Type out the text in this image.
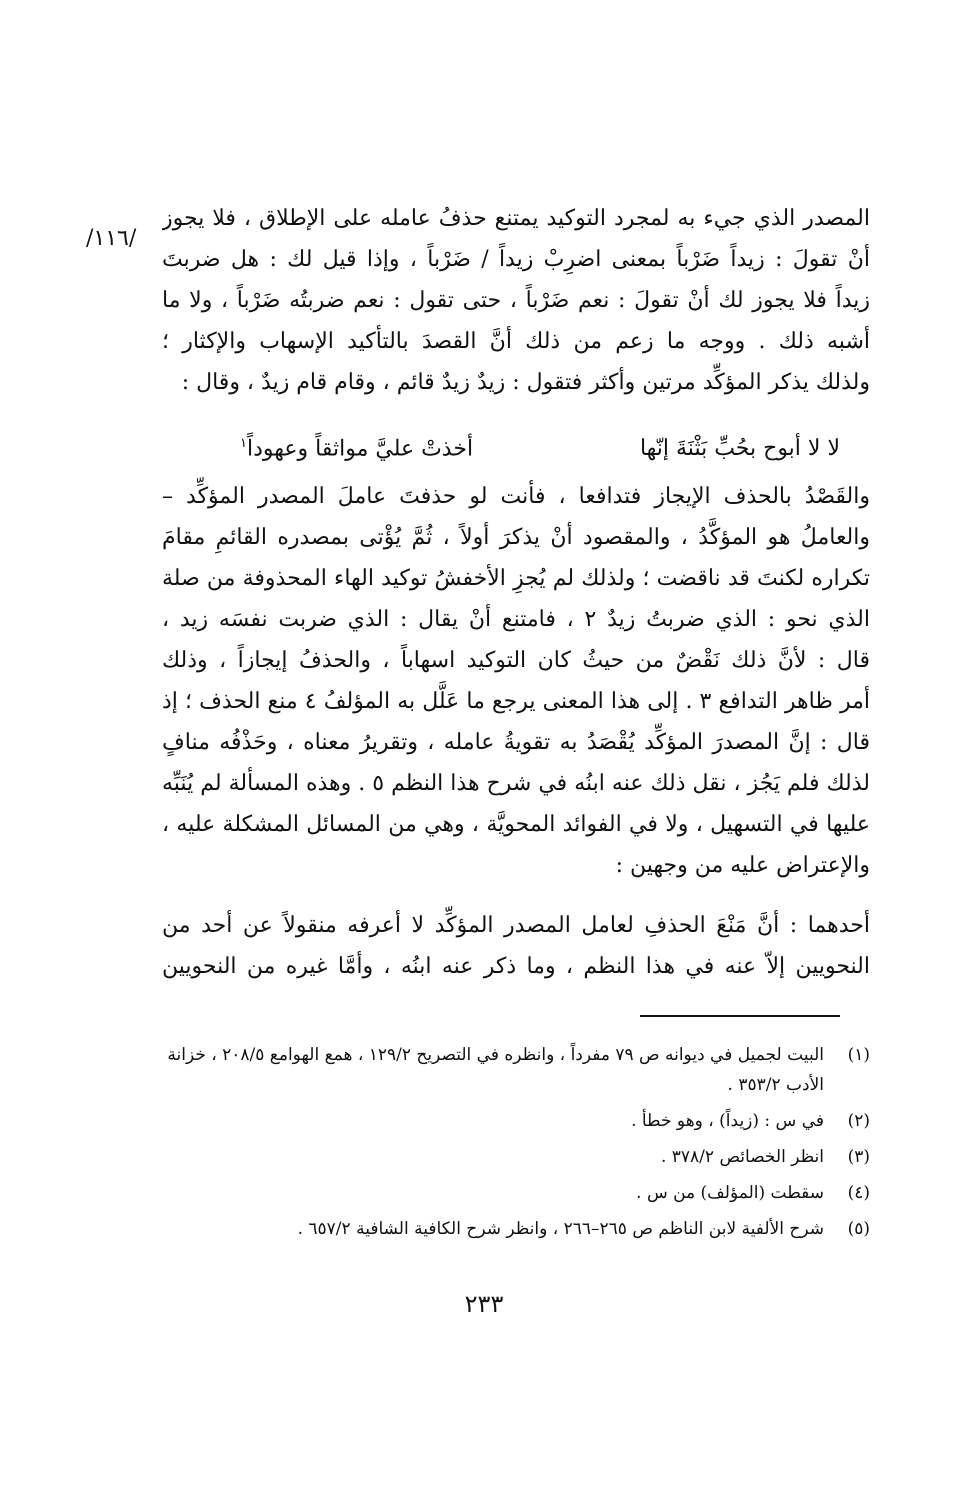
/١١٦/
المصدر الذي جيء به لمجرد التوكيد يمتنع حذفُ عامله على الإطلاق ، فلا يجوز
أنْ تقولَ : زيداً ضَرْباً بمعنى اضرِبْ زيداً / ضَرْباً ، وإذا قيل لك : هل ضربتَ
زيداً فلا يجوز لك أنْ تقولَ : نعم ضَرْباً ، حتى تقول : نعم ضربتُه ضَرْباً ، ولا ما
أشبه ذلك . ووجه ما زعم من ذلك أنَّ القصدَ بالتأكيد الإسهاب والإكثار ؛
ولذلك يذكر المؤكِّد مرتين وأكثر فتقول : زيدٌ زيدٌ قائم ، وقام قام زيدٌ ، وقال :
لا لا أبوح بحُبِّ بَثْنَةَ إنّها
أخذتْ عليَّ مواثقاً وعهوداً$^١$
والقَصْدُ بالحذف الإيجاز فتدافعا ، فأنت لو حذفتَ عاملَ المصدر المؤكِّد –
والعاملُ هو المؤكَّدُ ، والمقصود أنْ يذكرَ أولاً ، ثُمَّ يُؤْتى بمصدره القائمِ مقامَ
تكراره لكنتَ قد ناقضت ؛ ولذلك لم يُجزِ الأخفشُ توكيد الهاء المحذوفة من صلة
الذي نحو : الذي ضربتُ زيدٌ ٢ ، فامتنع أنْ يقال : الذي ضربت نفسَه زيد ،
قال : لأنَّ ذلك نَقْضٌ من حيثُ كان التوكيد اسهاباً ، والحذفُ إيجازاً ، وذلك
أمر ظاهر التدافع ٣ . إلى هذا المعنى يرجع ما عَلَّل به المؤلفُ ٤ منع الحذف ؛ إذ
قال : إنَّ المصدرَ المؤكِّد يُقْصَدُ به تقويةُ عامله ، وتقريرُ معناه ، وحَذْفُه منافٍ
لذلك فلم يَجُز ، نقل ذلك عنه ابنُه في شرح هذا النظم ٥ . وهذه المسألة لم يُنَبِّه
عليها في التسهيل ، ولا في الفوائد المحويَّة ، وهي من المسائل المشكلة عليه ،
والإعتراض عليه من وجهين :
أحدهما : أنَّ مَنْعَ الحذفِ لعامل المصدر المؤكِّد لا أعرفه منقولاً عن أحد من
النحويين إلاّ عنه في هذا النظم ، وما ذكر عنه ابنُه ، وأمَّا غيره من النحويين
(١)
البيت لجميل في ديوانه ص ٧٩ مفرداً ، وانظره في التصريح ١٢٩/٢ ، همع الهوامع ٢٠٨/٥ ، خزانة الأدب ٣٥٣/٢ .
(٢)
في س : (زيداً) ، وهو خطأ .
(٣)
انظر الخصائص ٣٧٨/٢ .
(٤)
سقطت (المؤلف) من س .
(٥)
شرح الألفية لابن الناظم ص ٢٦٥–٢٦٦ ، وانظر شرح الكافية الشافية ٦٥٧/٢ .
٢٣٣
